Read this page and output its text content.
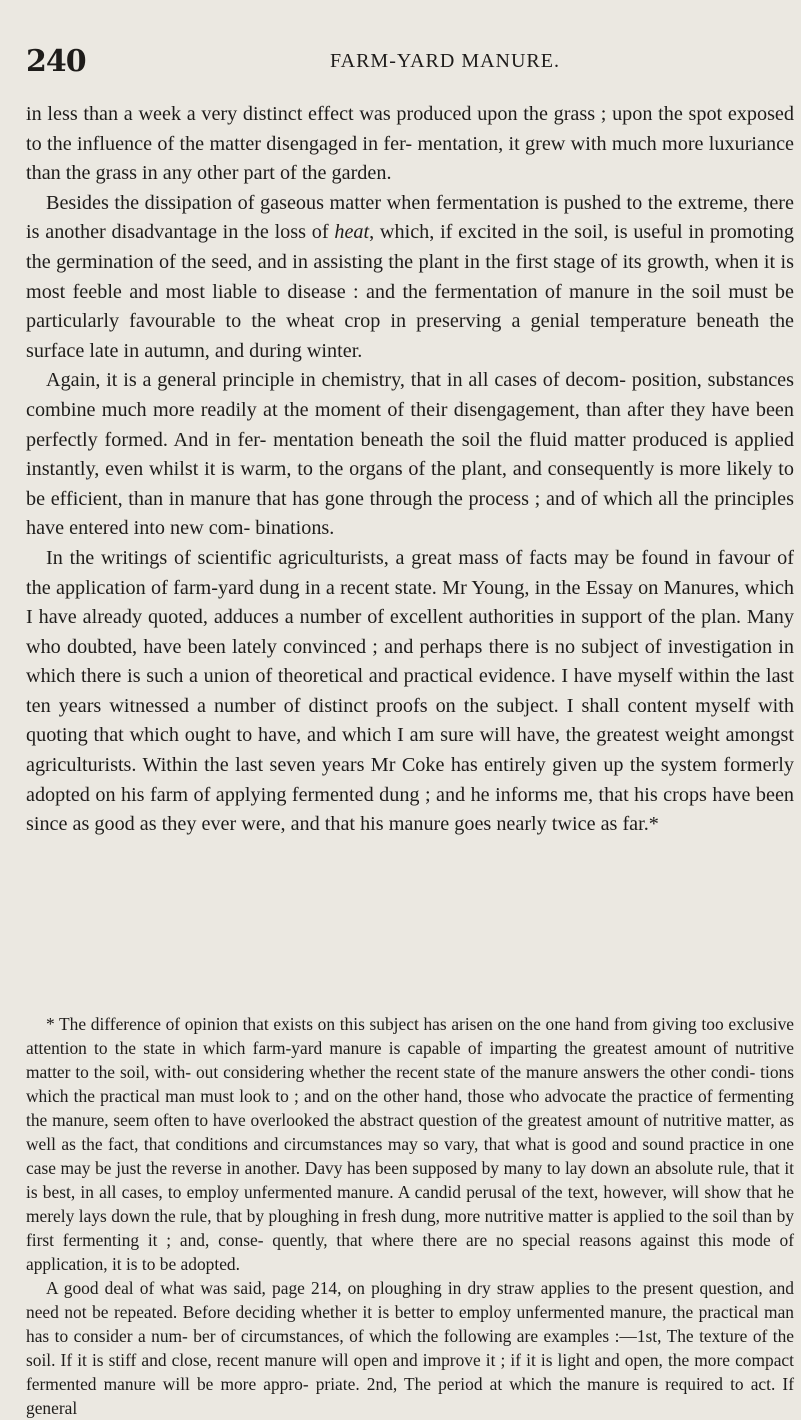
240	FARM-YARD MANURE.

in less than a week a very distinct effect was produced upon the grass ; upon the spot exposed to the influence of the matter disengaged in fer- mentation, it grew with much more luxuriance than the grass in any other part of the garden.

Besides the dissipation of gaseous matter when fermentation is pushed to the extreme, there is another disadvantage in the loss of heat, which, if excited in the soil, is useful in promoting the germination of the seed, and in assisting the plant in the first stage of its growth, when it is most feeble and most liable to disease : and the fermentation of manure in the soil must be particularly favourable to the wheat crop in preserving a genial temperature beneath the surface late in autumn, and during winter.

Again, it is a general principle in chemistry, that in all cases of decom- position, substances combine much more readily at the moment of their disengagement, than after they have been perfectly formed. And in fer- mentation beneath the soil the fluid matter produced is applied instantly, even whilst it is warm, to the organs of the plant, and consequently is more likely to be efficient, than in manure that has gone through the process ; and of which all the principles have entered into new com- binations.

In the writings of scientific agriculturists, a great mass of facts may be found in favour of the application of farm-yard dung in a recent state. Mr Young, in the Essay on Manures, which I have already quoted, adduces a number of excellent authorities in support of the plan. Many who doubted, have been lately convinced ; and perhaps there is no subject of investigation in which there is such a union of theoretical and practical evidence. I have myself within the last ten years witnessed a number of distinct proofs on the subject. I shall content myself with quoting that which ought to have, and which I am sure will have, the greatest weight amongst agriculturists. Within the last seven years Mr Coke has entirely given up the system formerly adopted on his farm of applying fermented dung ; and he informs me, that his crops have been since as good as they ever were, and that his manure goes nearly twice as far.*

* The difference of opinion that exists on this subject has arisen on the one hand from giving too exclusive attention to the state in which farm-yard manure is capable of imparting the greatest amount of nutritive matter to the soil, with- out considering whether the recent state of the manure answers the other condi- tions which the practical man must look to ; and on the other hand, those who advocate the practice of fermenting the manure, seem often to have overlooked the abstract question of the greatest amount of nutritive matter, as well as the fact, that conditions and circumstances may so vary, that what is good and sound practice in one case may be just the reverse in another. Davy has been supposed by many to lay down an absolute rule, that it is best, in all cases, to employ unfermented manure. A candid perusal of the text, however, will show that he merely lays down the rule, that by ploughing in fresh dung, more nutritive matter is applied to the soil than by first fermenting it ; and, conse- quently, that where there are no special reasons against this mode of application, it is to be adopted.

A good deal of what was said, page 214, on ploughing in dry straw applies to the present question, and need not be repeated. Before deciding whether it is better to employ unfermented manure, the practical man has to consider a num- ber of circumstances, of which the following are examples :—1st, The texture of the soil. If it is stiff and close, recent manure will open and improve it ; if it is light and open, the more compact fermented manure will be more appro- priate. 2nd, The period at which the manure is required to act. If general
